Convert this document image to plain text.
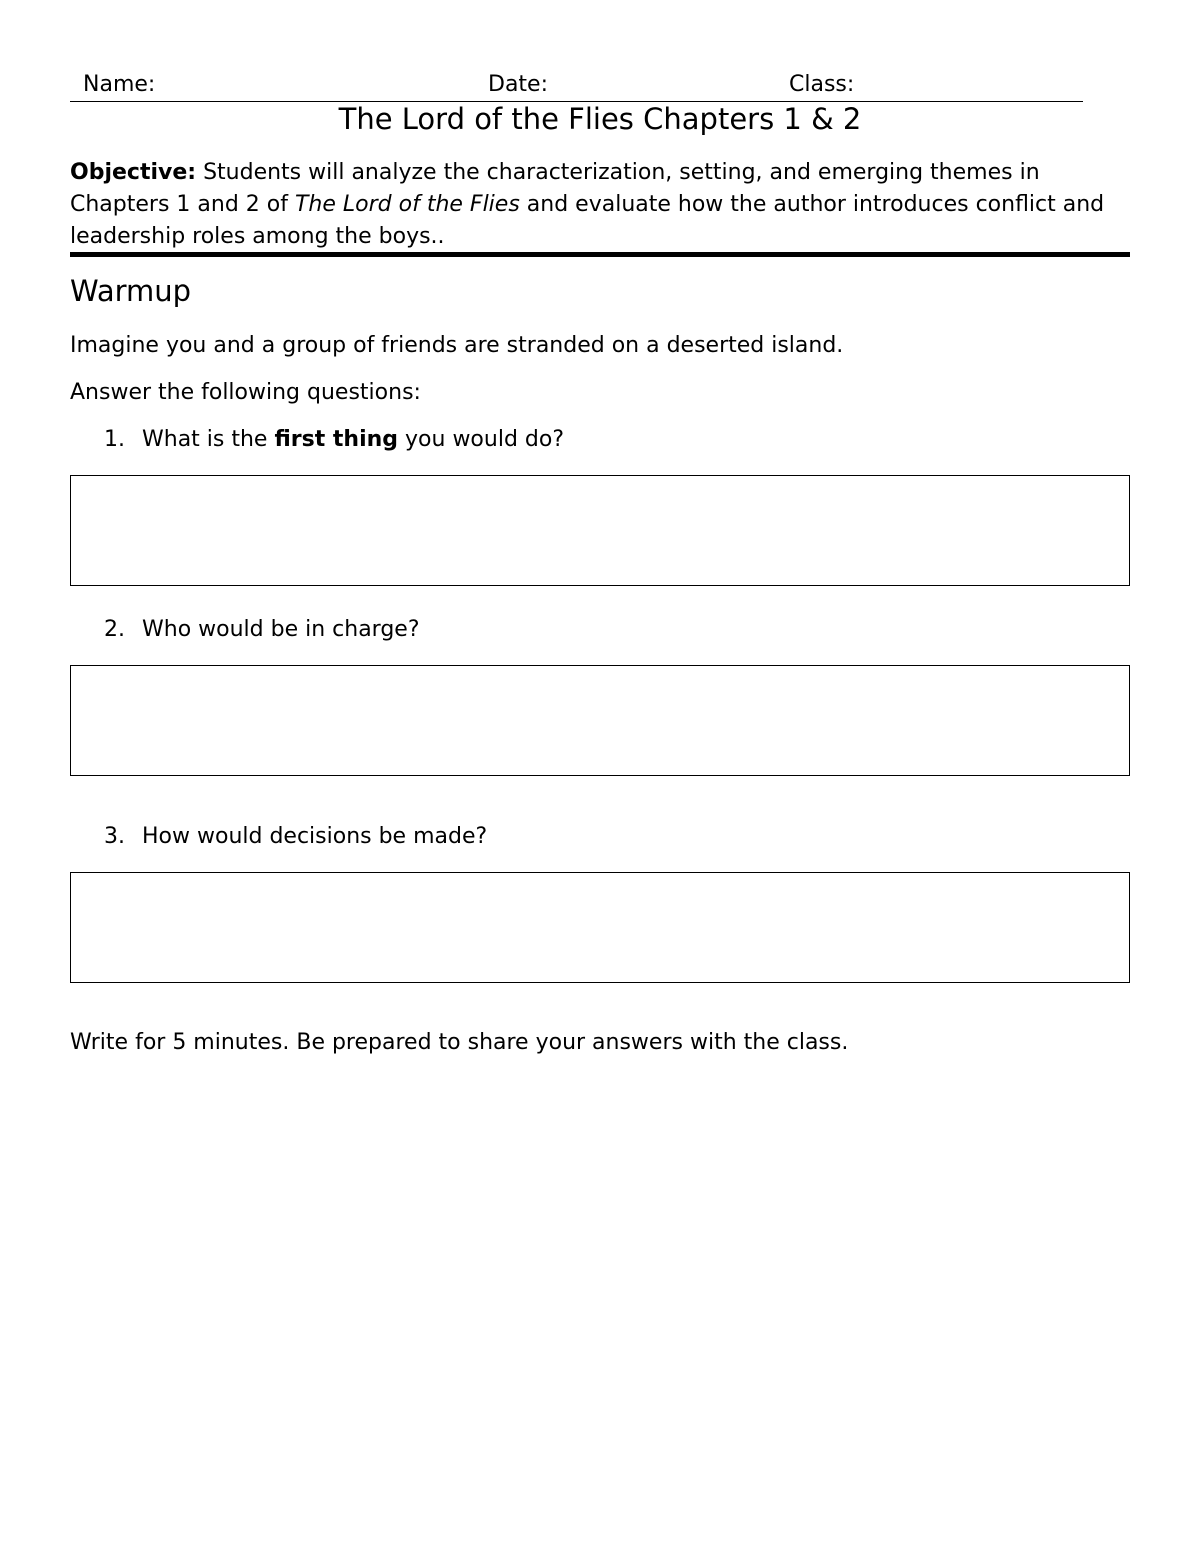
Name:	Date:	Class:
The Lord of the Flies Chapters 1 & 2

Objective: Students will analyze the characterization, setting, and emerging themes in Chapters 1 and 2 of The Lord of the Flies and evaluate how the author introduces conflict and leadership roles among the boys..

Warmup

Imagine you and a group of friends are stranded on a deserted island.

Answer the following questions:

1. What is the first thing you would do?
2. Who would be in charge?
3. How would decisions be made?

Write for 5 minutes. Be prepared to share your answers with the class.
